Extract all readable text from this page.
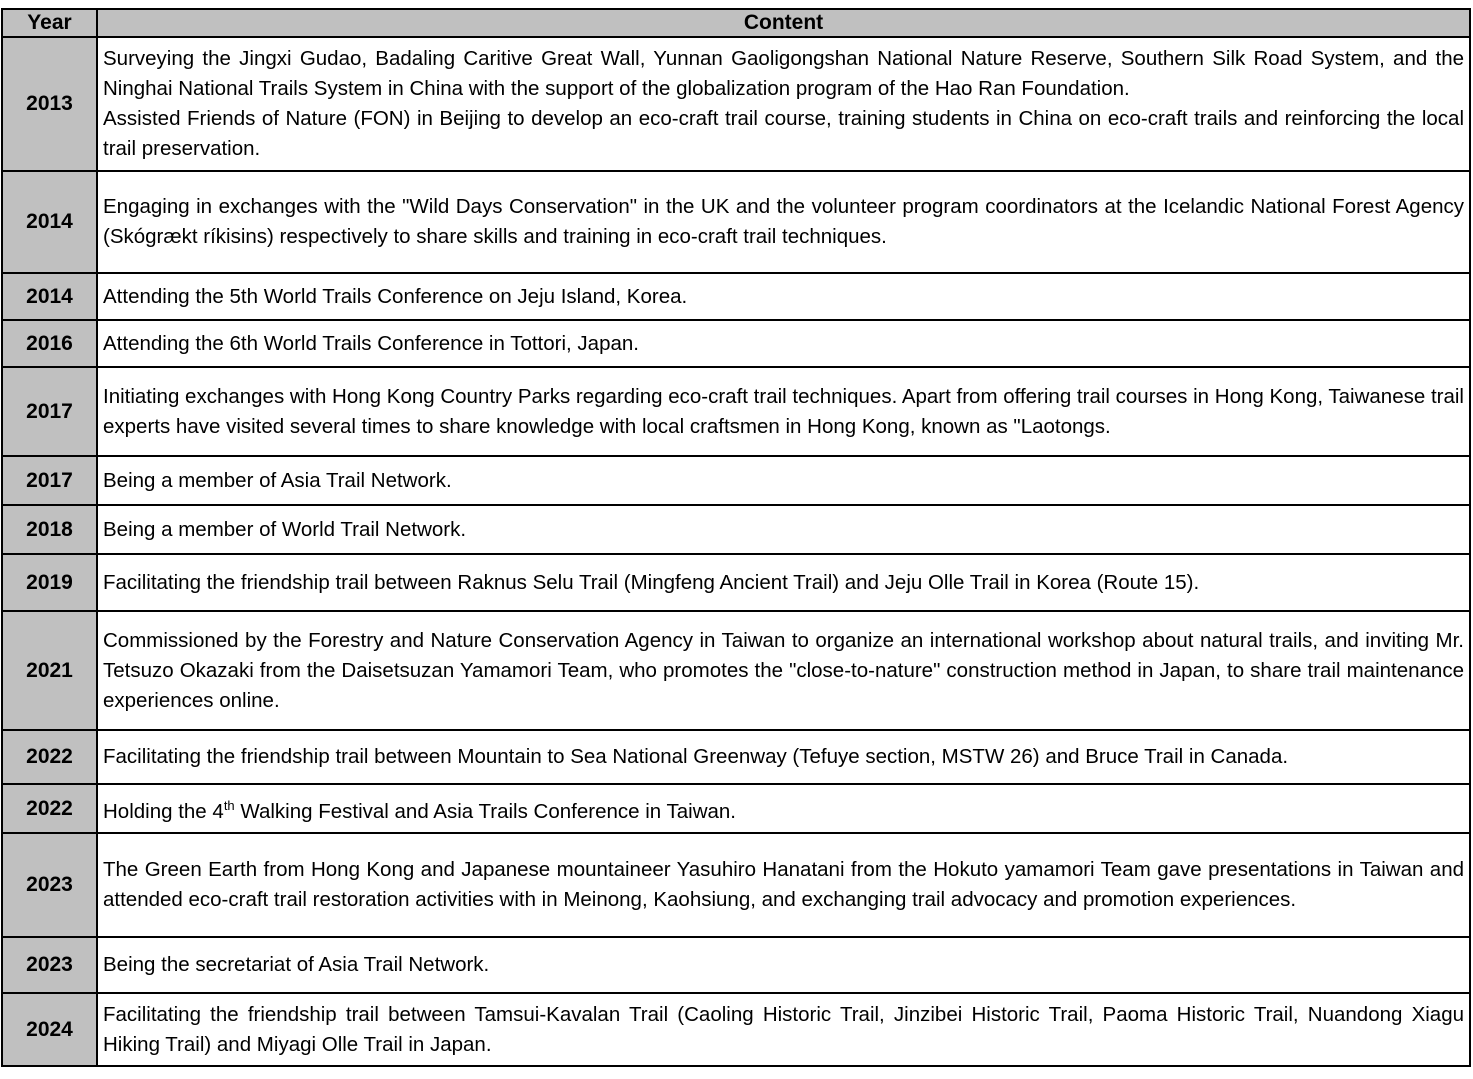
Year	Content
2013	Surveying the Jingxi Gudao, Badaling Caritive Great Wall, Yunnan Gaoligongshan National Nature Reserve, Southern Silk Road System, and the Ninghai National Trails System in China with the support of the globalization program of the Hao Ran Foundation.
Assisted Friends of Nature (FON) in Beijing to develop an eco-craft trail course, training students in China on eco-craft trails and reinforcing the local trail preservation.

2014	Engaging in exchanges with the "Wild Days Conservation" in the UK and the volunteer program coordinators at the Icelandic National Forest Agency (Skógrækt ríkisins) respectively to share skills and training in eco-craft trail techniques.

2014	Attending the 5th World Trails Conference on Jeju Island, Korea.

2016	Attending the 6th World Trails Conference in Tottori, Japan.

2017	Initiating exchanges with Hong Kong Country Parks regarding eco-craft trail techniques. Apart from offering trail courses in Hong Kong, Taiwanese trail experts have visited several times to share knowledge with local craftsmen in Hong Kong, known as "Laotongs.

2017	Being a member of Asia Trail Network.

2018	Being a member of World Trail Network.

2019	Facilitating the friendship trail between Raknus Selu Trail (Mingfeng Ancient Trail) and Jeju Olle Trail in Korea (Route 15).

2021	Commissioned by the Forestry and Nature Conservation Agency in Taiwan to organize an international workshop about natural trails, and inviting Mr. Tetsuzo Okazaki from the Daisetsuzan Yamamori Team, who promotes the "close-to-nature" construction method in Japan, to share trail maintenance experiences online.

2022	Facilitating the friendship trail between Mountain to Sea National Greenway (Tefuye section, MSTW 26) and Bruce Trail in Canada.

2022	Holding the 4th Walking Festival and Asia Trails Conference in Taiwan.

2023	The Green Earth from Hong Kong and Japanese mountaineer Yasuhiro Hanatani from the Hokuto yamamori Team gave presentations in Taiwan and attended eco-craft trail restoration activities with in Meinong, Kaohsiung, and exchanging trail advocacy and promotion experiences.

2023	Being the secretariat of Asia Trail Network.

2024	Facilitating the friendship trail between Tamsui-Kavalan Trail (Caoling Historic Trail, Jinzibei Historic Trail, Paoma Historic Trail, Nuandong Xiagu Hiking Trail) and Miyagi Olle Trail in Japan.
